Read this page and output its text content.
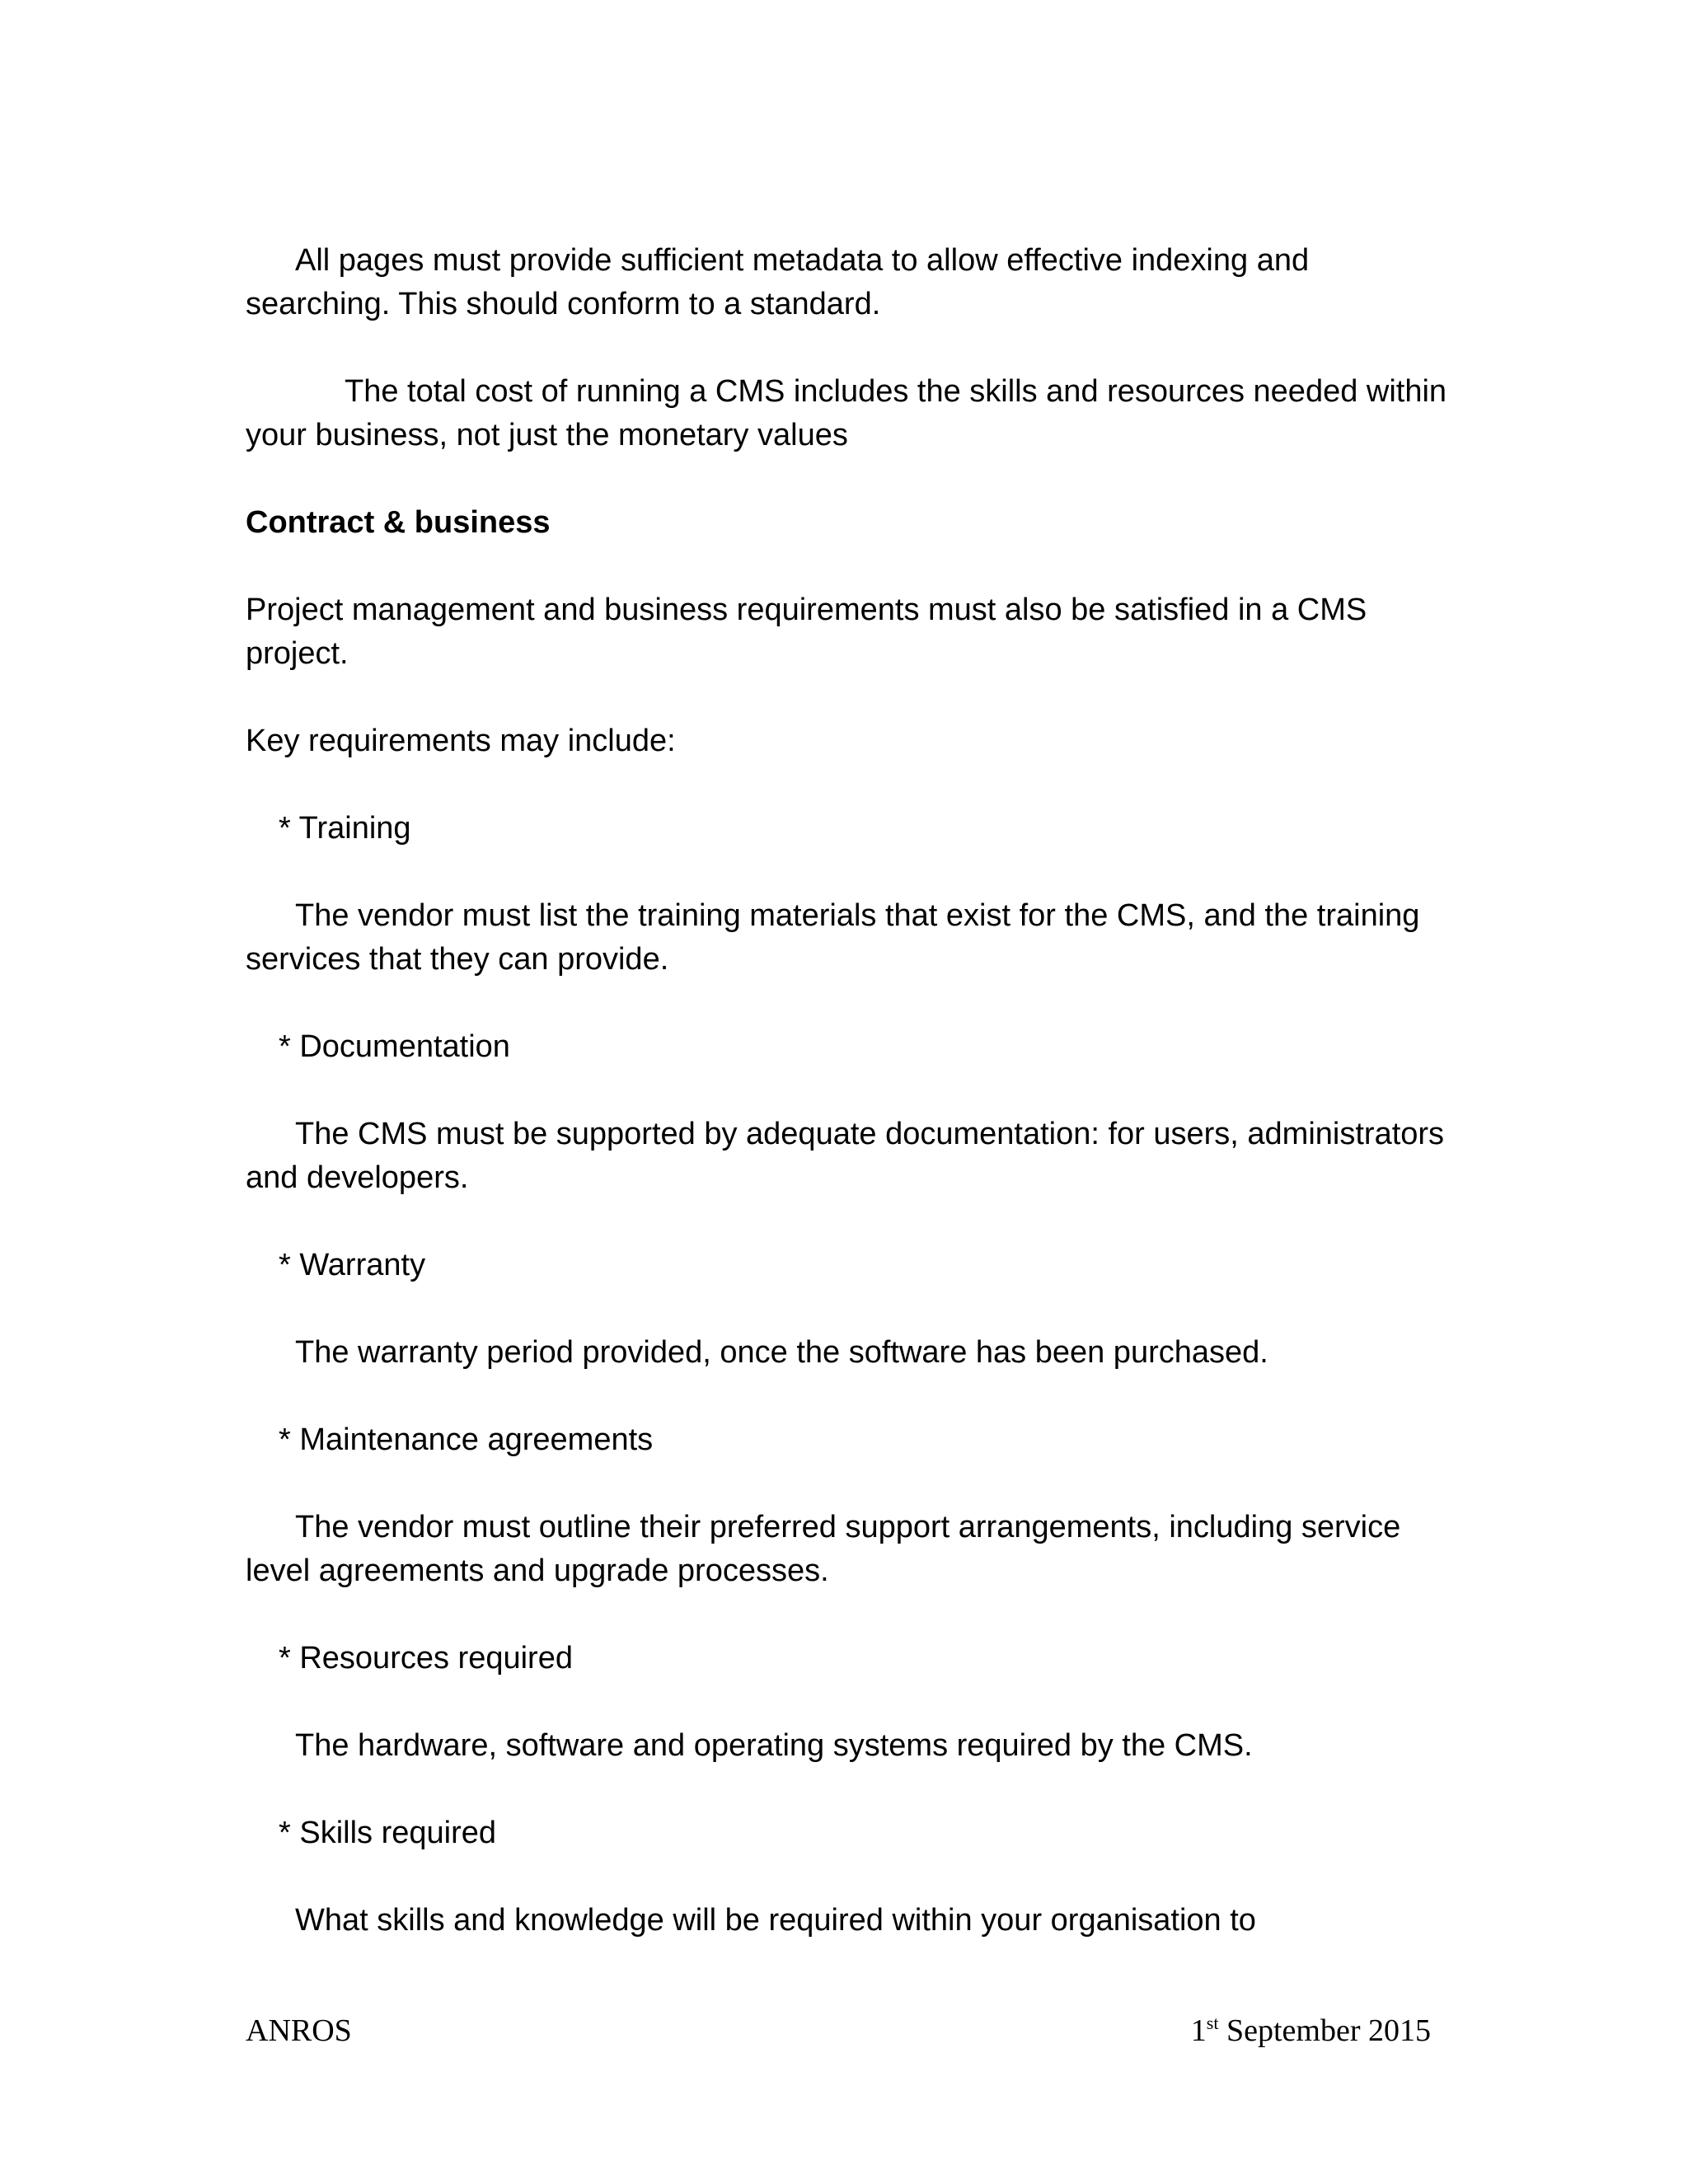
All pages must provide sufficient metadata to allow effective indexing and searching. This should conform to a standard.

The total cost of running a CMS includes the skills and resources needed within your business, not just the monetary values

Contract & business

Project management and business requirements must also be satisfied in a CMS project.

Key requirements may include:

* Training

The vendor must list the training materials that exist for the CMS, and the training services that they can provide.

* Documentation

The CMS must be supported by adequate documentation: for users, administrators and developers.

* Warranty

The warranty period provided, once the software has been purchased.

* Maintenance agreements

The vendor must outline their preferred support arrangements, including service level agreements and upgrade processes.

* Resources required

The hardware, software and operating systems required by the CMS.

* Skills required

What skills and knowledge will be required within your organisation to

ANROS	1st September 2015
